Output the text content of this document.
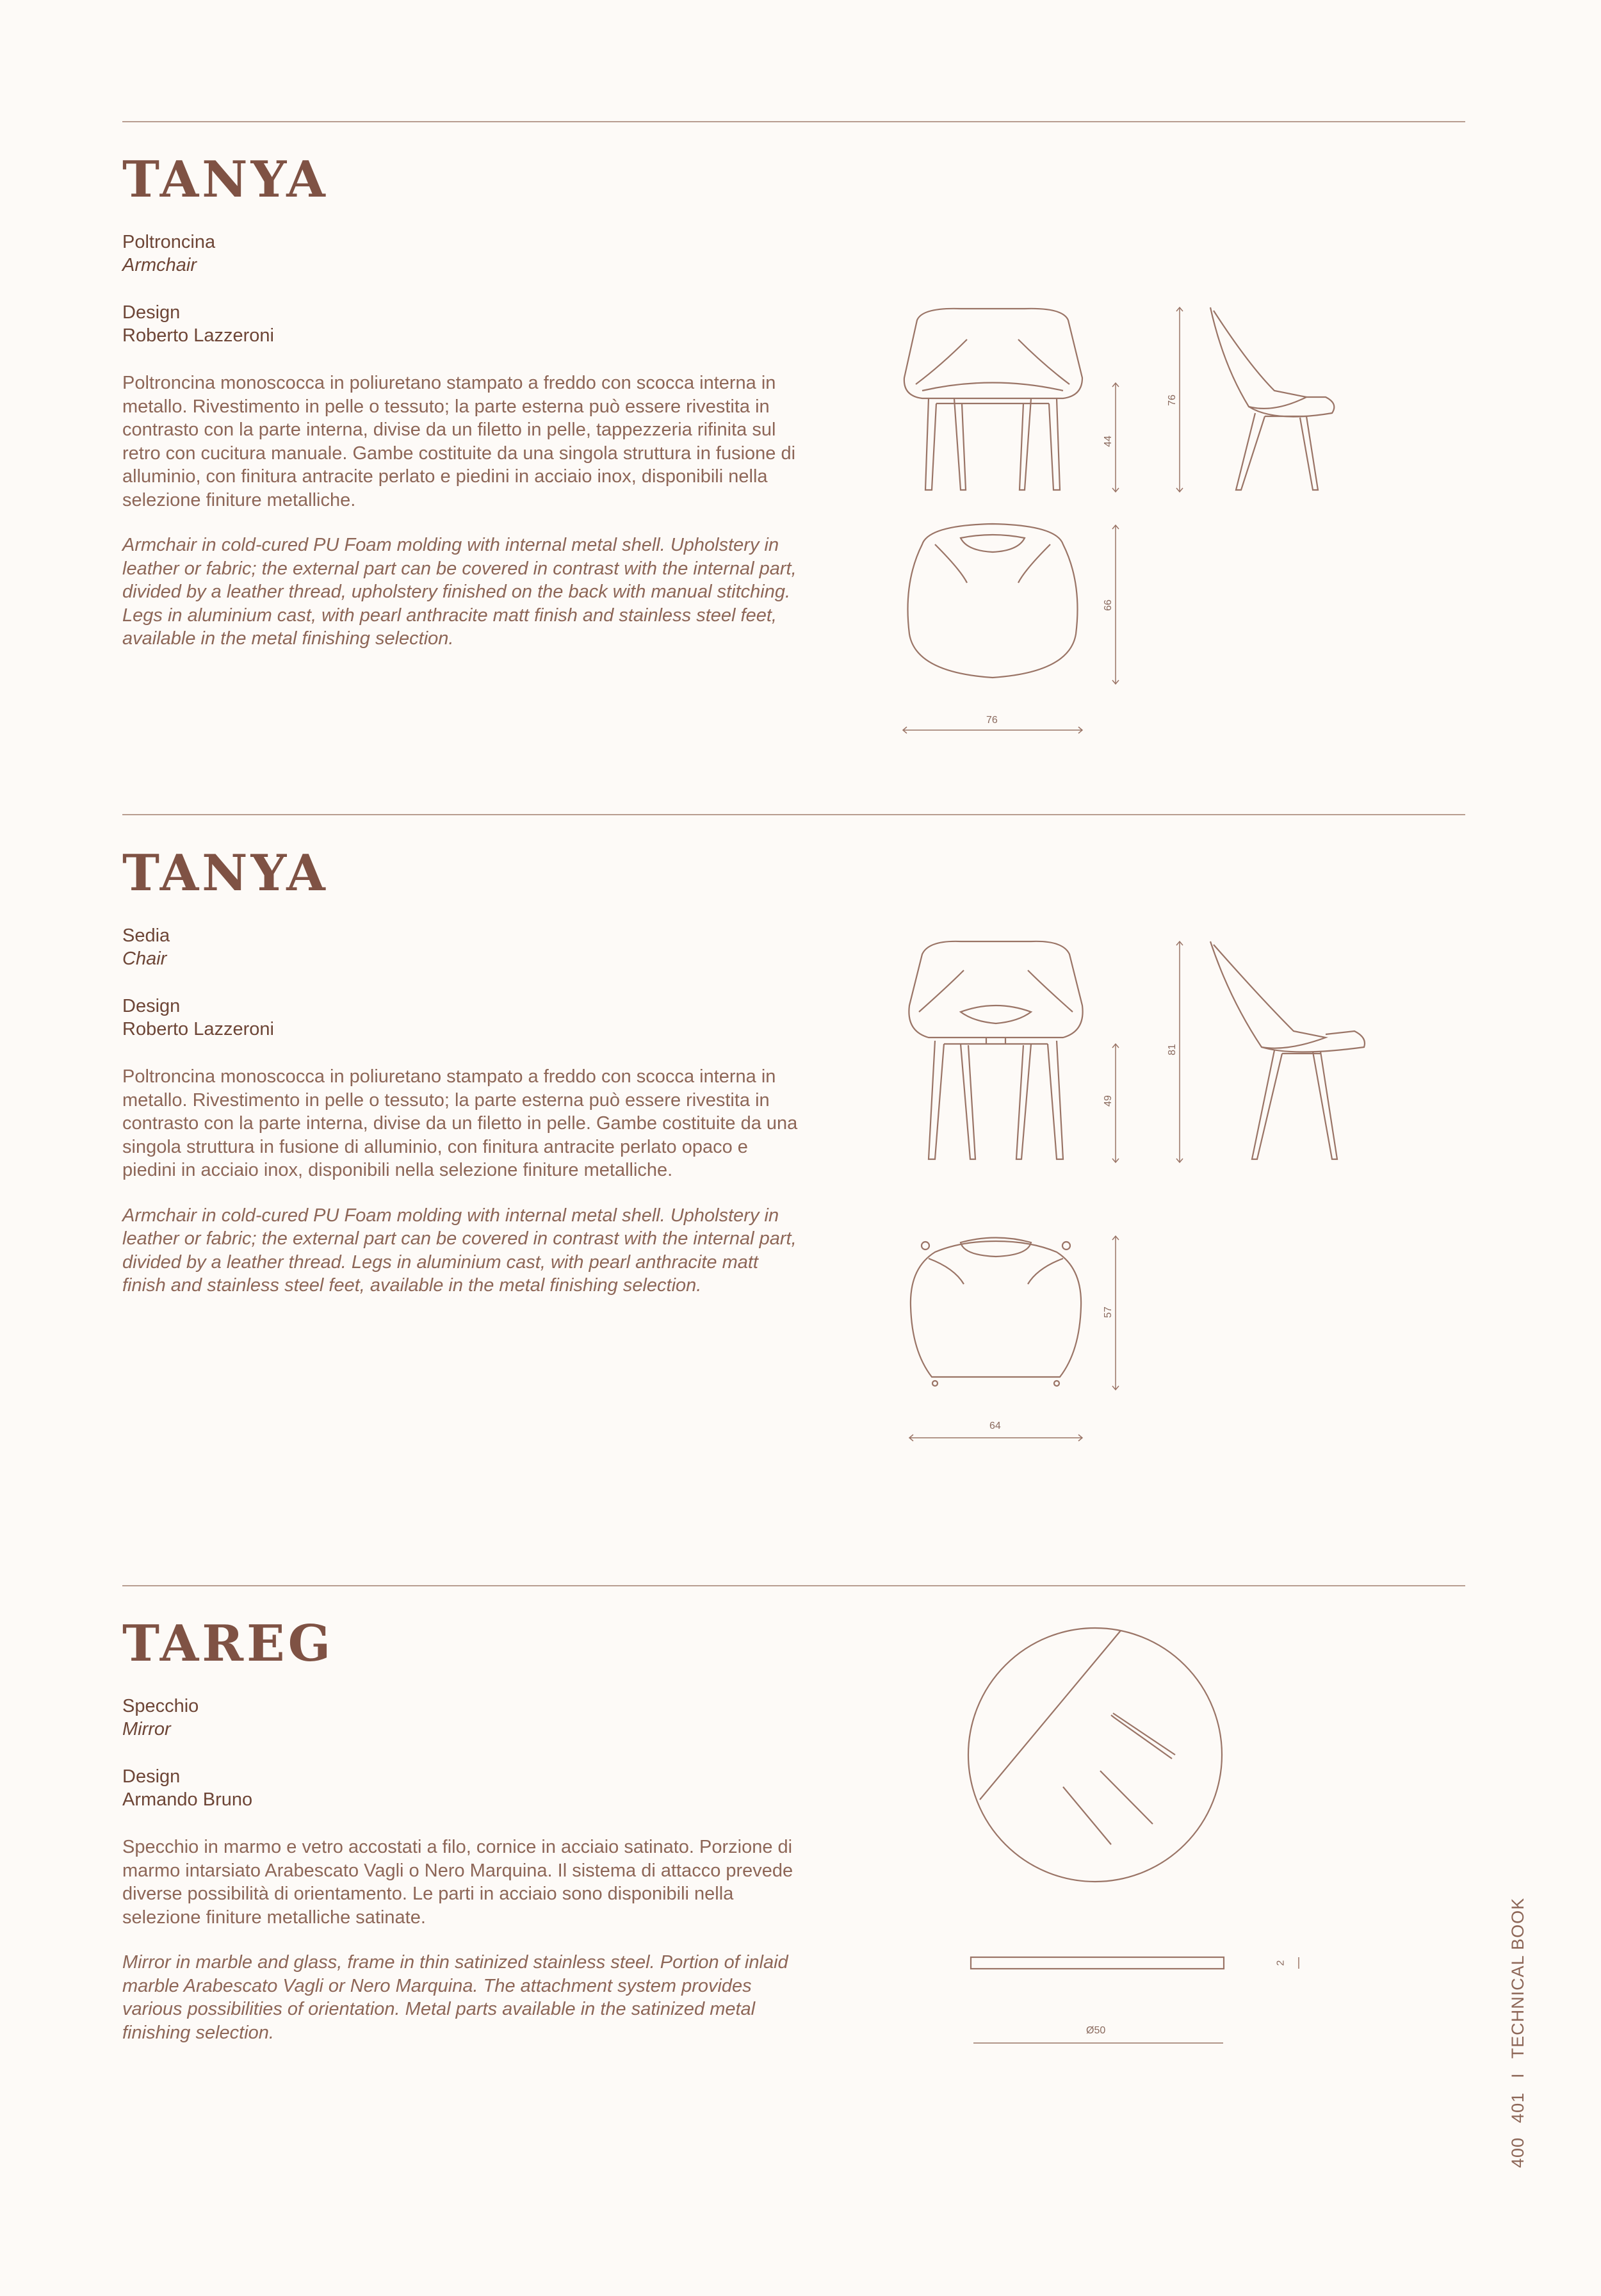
TANYA
Poltroncina
Armchair
Design
Roberto Lazzeroni
Poltroncina monoscocca in poliuretano stampato a freddo con scocca interna in metallo. Rivestimento in pelle o tessuto; la parte esterna può essere rivestita in contrasto con la parte interna, divise da un filetto in pelle, tappezzeria rifinita sul retro con cucitura manuale. Gambe costituite da una singola struttura in fusione di alluminio, con finitura antracite perlato e piedini in acciaio inox, disponibili nella selezione finiture metalliche.
Armchair in cold-cured PU Foam molding with internal metal shell. Upholstery in leather or fabric; the external part can be covered in contrast with the internal part, divided by a leather thread, upholstery finished on the back with manual stitching. Legs in aluminium cast, with pearl anthracite matt finish and stainless steel feet, available in the metal finishing selection.
44
76
66
76
TANYA
Sedia
Chair
Design
Roberto Lazzeroni
Poltroncina monoscocca in poliuretano stampato a freddo con scocca interna in metallo. Rivestimento in pelle o tessuto; la parte esterna può essere rivestita in contrasto con la parte interna, divise da un filetto in pelle. Gambe costituite da una singola struttura in fusione di alluminio, con finitura antracite perlato opaco e piedini in acciaio inox, disponibili nella selezione finiture metalliche.
Armchair in cold-cured PU Foam molding with internal metal shell. Upholstery in leather or fabric; the external part can be covered in contrast with the internal part, divided by a leather thread. Legs in aluminium cast, with pearl anthracite matt finish and stainless steel feet, available in the metal finishing selection.
49
81
57
64
TAREG
Specchio
Mirror
Design
Armando Bruno
Specchio in marmo e vetro accostati a filo, cornice in acciaio satinato. Porzione di marmo intarsiato Arabescato Vagli o Nero Marquina. Il sistema di attacco prevede diverse possibilità di orientamento. Le parti in acciaio sono disponibili nella selezione finiture metalliche satinate.
Mirror in marble and glass, frame in thin satinized stainless steel. Portion of inlaid marble Arabescato Vagli or Nero Marquina. The attachment system provides various possibilities of orientation. Metal parts available in the satinized metal finishing selection.
2
Ø50
400401ITECHNICAL BOOK
